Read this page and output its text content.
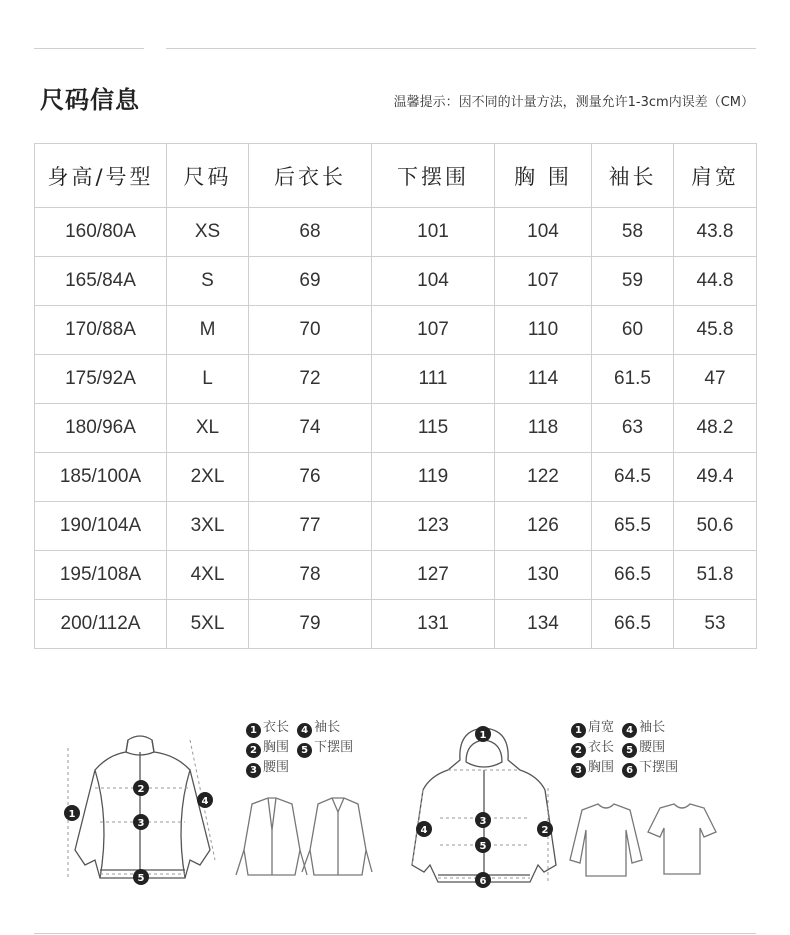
尺码信息	温馨提示：因不同的计量方法，测量允许1-3cm内误差（CM）
身高/号型	尺码	后衣长	下摆围	胸 围	袖长	肩宽
160/80A	XS	68	101	104	58	43.8
165/84A	S	69	104	107	59	44.8
170/88A	M	70	107	110	60	45.8
175/92A	L	72	111	114	61.5	47
180/96A	XL	74	115	118	63	48.2
185/100A	2XL	76	119	122	64.5	49.4
190/104A	3XL	77	123	126	65.5	50.6
195/108A	4XL	78	127	130	66.5	51.8
200/112A	5XL	79	131	134	66.5	53
1
2
3
4
5
1
2
3
4
5
6
1 衣长 4 袖长
2 胸围 5 下摆围
3 腰围
1 肩宽 4 袖长
2 衣长 5 腰围
3 胸围 6 下摆围
